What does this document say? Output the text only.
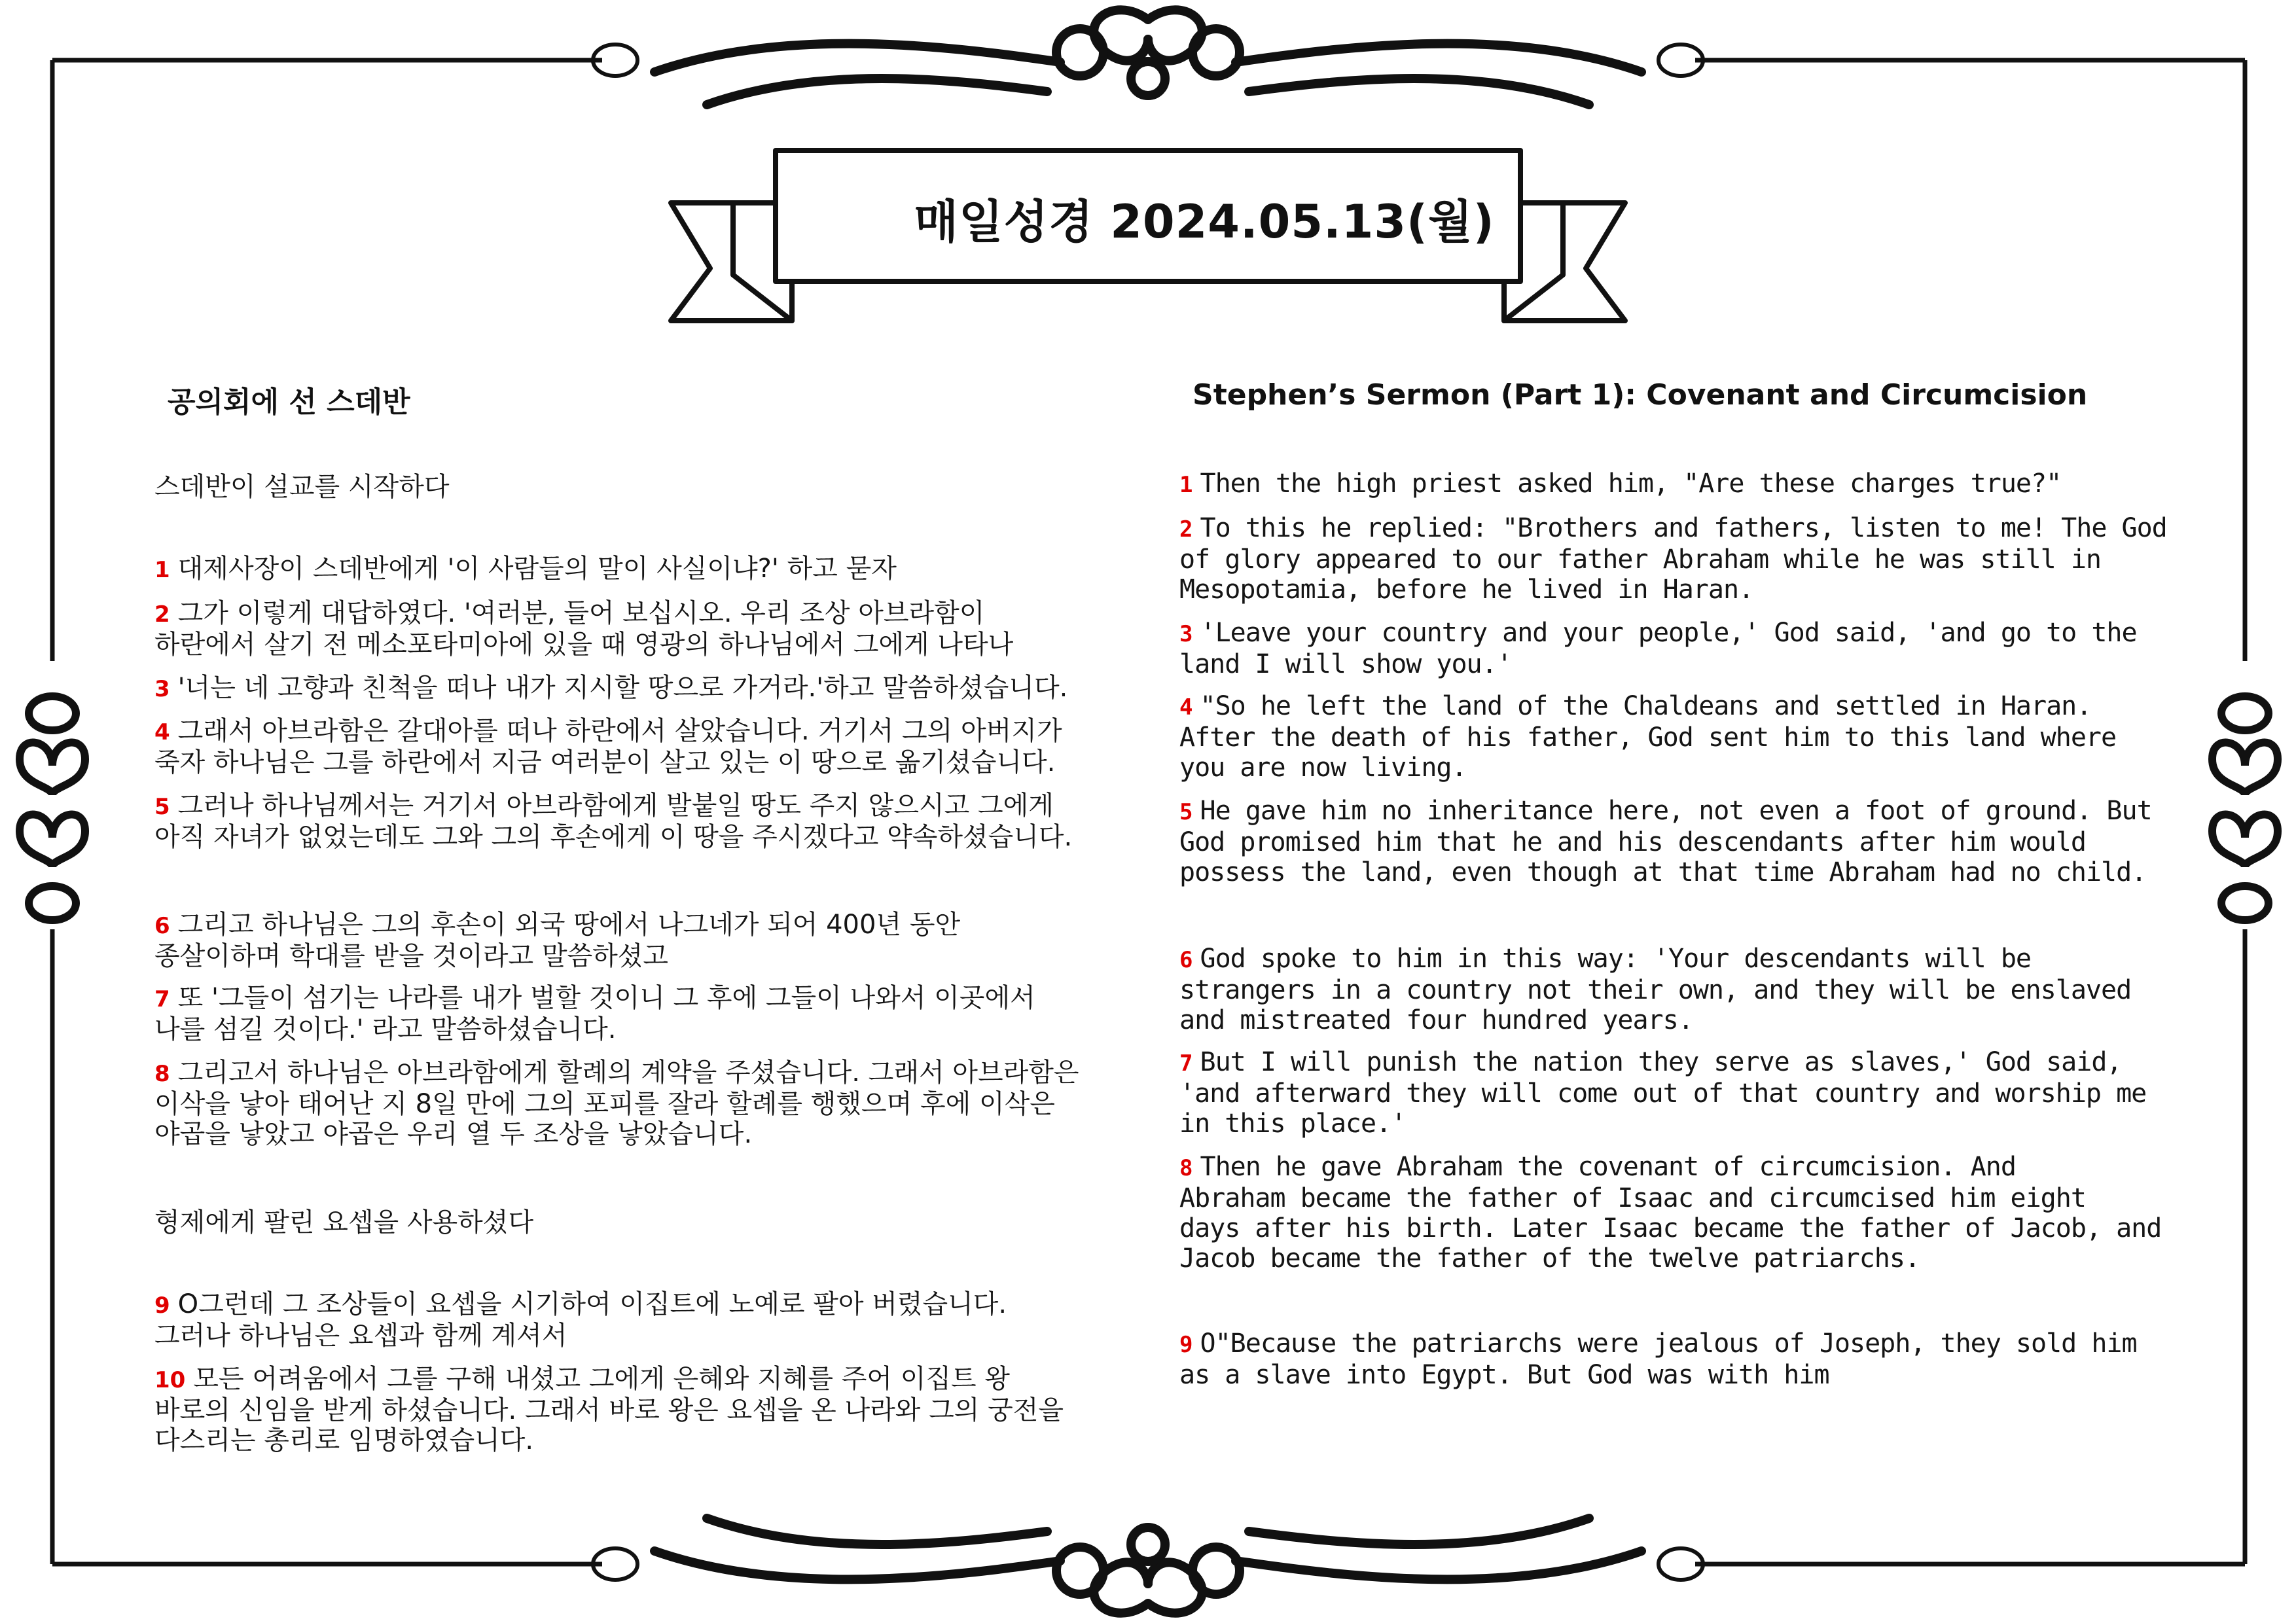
매일성경 2024.05.13(월)
공의회에 선 스데반	Stephen’s Sermon (Part 1): Covenant and Circumcision
스데반이 설교를 시작하다
1 대제사장이 스데반에게 '이 사람들의 말이 사실이냐?' 하고 묻자
2 그가 이렇게 대답하였다. '여러분, 들어 보십시오. 우리 조상 아브라함이
하란에서 살기 전 메소포타미아에 있을 때 영광의 하나님에서 그에게 나타나
3 '너는 네 고향과 친척을 떠나 내가 지시할 땅으로 가거라.'하고 말씀하셨습니다.
4 그래서 아브라함은 갈대아를 떠나 하란에서 살았습니다. 거기서 그의 아버지가
죽자 하나님은 그를 하란에서 지금 여러분이 살고 있는 이 땅으로 옮기셨습니다.
5 그러나 하나님께서는 거기서 아브라함에게 발붙일 땅도 주지 않으시고 그에게
아직 자녀가 없었는데도 그와 그의 후손에게 이 땅을 주시겠다고 약속하셨습니다.
6 그리고 하나님은 그의 후손이 외국 땅에서 나그네가 되어 400년 동안
종살이하며 학대를 받을 것이라고 말씀하셨고
7 또 '그들이 섬기는 나라를 내가 벌할 것이니 그 후에 그들이 나와서 이곳에서
나를 섬길 것이다.' 라고 말씀하셨습니다.
8 그리고서 하나님은 아브라함에게 할례의 계약을 주셨습니다. 그래서 아브라함은
이삭을 낳아 태어난 지 8일 만에 그의 포피를 잘라 할례를 행했으며 후에 이삭은
야곱을 낳았고 야곱은 우리 열 두 조상을 낳았습니다.
형제에게 팔린 요셉을 사용하셨다
9 O그런데 그 조상들이 요셉을 시기하여 이집트에 노예로 팔아 버렸습니다.
그러나 하나님은 요셉과 함께 계셔서
10 모든 어려움에서 그를 구해 내셨고 그에게 은혜와 지혜를 주어 이집트 왕
바로의 신임을 받게 하셨습니다. 그래서 바로 왕은 요셉을 온 나라와 그의 궁전을
다스리는 총리로 임명하였습니다.
1 Then the high priest asked him, "Are these charges true?"
2 To this he replied: "Brothers and fathers, listen to me! The God
of glory appeared to our father Abraham while he was still in
Mesopotamia, before he lived in Haran.
3 'Leave your country and your people,' God said, 'and go to the
land I will show you.'
4 "So he left the land of the Chaldeans and settled in Haran.
After the death of his father, God sent him to this land where
you are now living.
5 He gave him no inheritance here, not even a foot of ground. But
God promised him that he and his descendants after him would
possess the land, even though at that time Abraham had no child.
6 God spoke to him in this way: 'Your descendants will be
strangers in a country not their own, and they will be enslaved
and mistreated four hundred years.
7 But I will punish the nation they serve as slaves,' God said,
'and afterward they will come out of that country and worship me
in this place.'
8 Then he gave Abraham the covenant of circumcision. And
Abraham became the father of Isaac and circumcised him eight
days after his birth. Later Isaac became the father of Jacob, and
Jacob became the father of the twelve patriarchs.
9 O"Because the patriarchs were jealous of Joseph, they sold him
as a slave into Egypt. But God was with him
